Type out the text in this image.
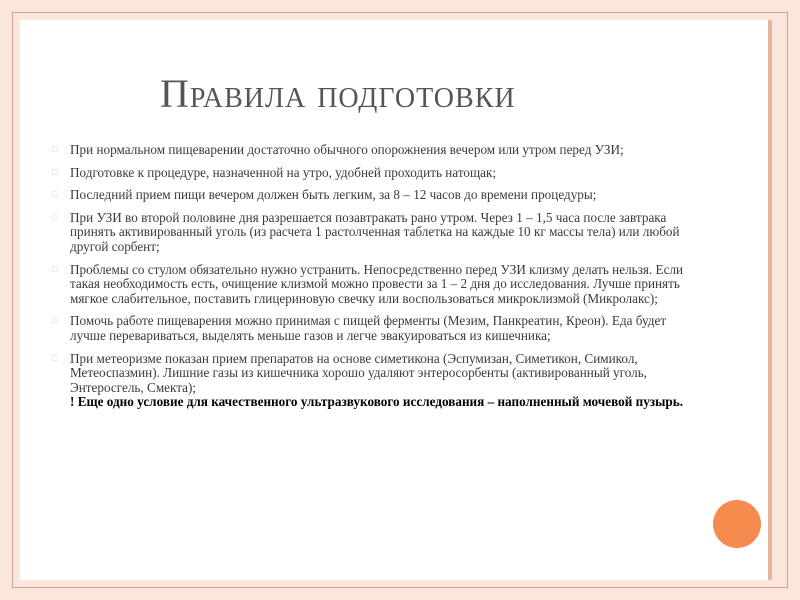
Правила подготовки
□ При нормальном пищеварении достаточно обычного опорожнения вечером или утром перед УЗИ;
□ Подготовке к процедуре, назначенной на утро, удобней проходить натощак;
□ Последний прием пищи вечером должен быть легким, за 8 – 12 часов до времени процедуры;
□ При УЗИ во второй половине дня разрешается позавтракать рано утром. Через 1 – 1,5 часа после завтрака принять активированный уголь (из расчета 1 растолченная таблетка на каждые 10 кг массы тела) или любой другой сорбент;
□ Проблемы со стулом обязательно нужно устранить. Непосредственно перед УЗИ клизму делать нельзя. Если такая необходимость есть, очищение клизмой можно провести за 1 – 2 дня до исследования. Лучше принять мягкое слабительное, поставить глицериновую свечку или воспользоваться микроклизмой (Микролакс);
□ Помочь работе пищеварения можно принимая с пищей ферменты (Мезим, Панкреатин, Креон). Еда будет лучше перевариваться, выделять меньше газов и легче эвакуироваться из кишечника;
□ При метеоризме показан прием препаратов на основе симетикона (Эспумизан, Симетикон, Симикол, Метеоспазмин). Лишние газы из кишечника хорошо удаляют энтеросорбенты (активированный уголь, Энтеросгель, Смекта);
! Еще одно условие для качественного ультразвукового исследования – наполненный мочевой пузырь.
